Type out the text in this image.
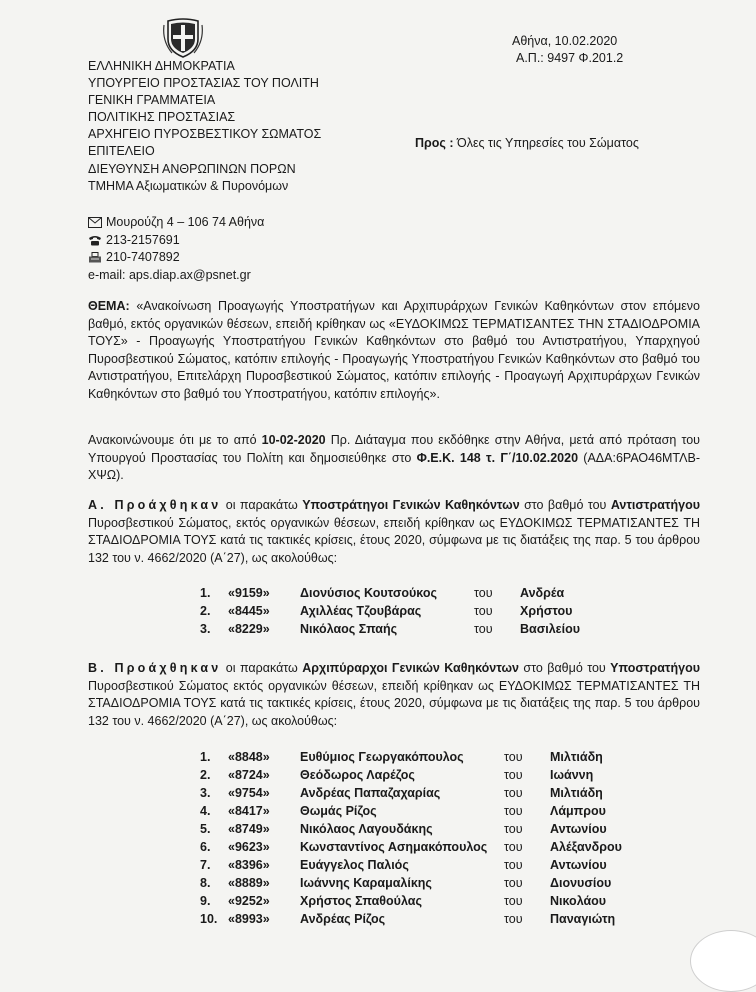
ΕΛΛΗΝΙΚΗ ΔΗΜΟΚΡΑΤΙΑ
ΥΠΟΥΡΓΕΙΟ ΠΡΟΣΤΑΣΙΑΣ ΤΟΥ ΠΟΛΙΤΗ
ΓΕΝΙΚΗ ΓΡΑΜΜΑΤΕΙΑ
ΠΟΛΙΤΙΚΗΣ ΠΡΟΣΤΑΣΙΑΣ
ΑΡΧΗΓΕΙΟ ΠΥΡΟΣΒΕΣΤΙΚΟΥ ΣΩΜΑΤΟΣ
ΕΠΙΤΕΛΕΙΟ
ΔΙΕΥΘΥΝΣΗ ΑΝΘΡΩΠΙΝΩΝ ΠΟΡΩΝ
ΤΜΗΜΑ Αξιωματικών & Πυρονόμων
Αθήνα, 10.02.2020
Α.Π.: 9497 Φ.201.2
Προς : Όλες τις Υπηρεσίες του Σώματος
Μουρούζη 4 – 106 74 Αθήνα
213-2157691
210-7407892
e-mail: aps.diap.ax@psnet.gr
ΘΕΜΑ: «Ανακοίνωση Προαγωγής Υποστρατήγων και Αρχιπυράρχων Γενικών Καθηκόντων στον επόμενο βαθμό, εκτός οργανικών θέσεων, επειδή κρίθηκαν ως «ΕΥΔΟΚΙΜΩΣ ΤΕΡΜΑΤΙΣΑΝΤΕΣ ΤΗΝ ΣΤΑΔΙΟΔΡΟΜΙΑ ΤΟΥΣ» - Προαγωγής Υποστρατήγου Γενικών Καθηκόντων στο βαθμό του Αντιστρατήγου, Υπαρχηγού Πυροσβεστικού Σώματος, κατόπιν επιλογής - Προαγωγής Υποστρατήγου Γενικών Καθηκόντων στο βαθμό του Αντιστρατήγου, Επιτελάρχη Πυροσβεστικού Σώματος, κατόπιν επιλογής - Προαγωγή Αρχιπυράρχων Γενικών Καθηκόντων στο βαθμό του Υποστρατήγου, κατόπιν επιλογής».
Ανακοινώνουμε ότι με το από 10-02-2020 Πρ. Διάταγμα που εκδόθηκε στην Αθήνα, μετά από πρόταση του Υπουργού Προστασίας του Πολίτη και δημοσιεύθηκε στο Φ.Ε.Κ. 148 τ. Γ΄/10.02.2020 (ΑΔΑ:6ΡΑΟ46ΜΤΛΒ-ΧΨΩ).
Α. Προάχθηκαν οι παρακάτω Υποστράτηγοι Γενικών Καθηκόντων στο βαθμό του Αντιστρατήγου Πυροσβεστικού Σώματος, εκτός οργανικών θέσεων, επειδή κρίθηκαν ως ΕΥΔΟΚΙΜΩΣ ΤΕΡΜΑΤΙΣΑΝΤΕΣ ΤΗ ΣΤΑΔΙΟΔΡΟΜΙΑ ΤΟΥΣ κατά τις τακτικές κρίσεις, έτους 2020, σύμφωνα με τις διατάξεις της παρ. 5 του άρθρου 132 του ν. 4662/2020 (Α΄27), ως ακολούθως:
1.	«9159»	Διονύσιος Κουτσούκος	του	Ανδρέα
2.	«8445»	Αχιλλέας Τζουβάρας	του	Χρήστου
3.	«8229»	Νικόλαος Σπαής	του	Βασιλείου
Β. Προάχθηκαν οι παρακάτω Αρχιπύραρχοι Γενικών Καθηκόντων στο βαθμό του Υποστρατήγου Πυροσβεστικού Σώματος εκτός οργανικών θέσεων, επειδή κρίθηκαν ως ΕΥΔΟΚΙΜΩΣ ΤΕΡΜΑΤΙΣΑΝΤΕΣ ΤΗ ΣΤΑΔΙΟΔΡΟΜΙΑ ΤΟΥΣ κατά τις τακτικές κρίσεις, έτους 2020, σύμφωνα με τις διατάξεις της παρ. 5 του άρθρου 132 του ν. 4662/2020 (Α΄27), ως ακολούθως:
1.	«8848»	Ευθύμιος Γεωργακόπουλος	του	Μιλτιάδη
2.	«8724»	Θεόδωρος Λαρέζος	του	Ιωάννη
3.	«9754»	Ανδρέας Παπαζαχαρίας	του	Μιλτιάδη
4.	«8417»	Θωμάς Ρίζος	του	Λάμπρου
5.	«8749»	Νικόλαος Λαγουδάκης	του	Αντωνίου
6.	«9623»	Κωνσταντίνος Ασημακόπουλος	του	Αλέξανδρου
7.	«8396»	Ευάγγελος Παλιός	του	Αντωνίου
8.	«8889»	Ιωάννης Καραμαλίκης	του	Διονυσίου
9.	«9252»	Χρήστος Σπαθούλας	του	Νικολάου
10.	«8993»	Ανδρέας Ρίζος	του	Παναγιώτη
